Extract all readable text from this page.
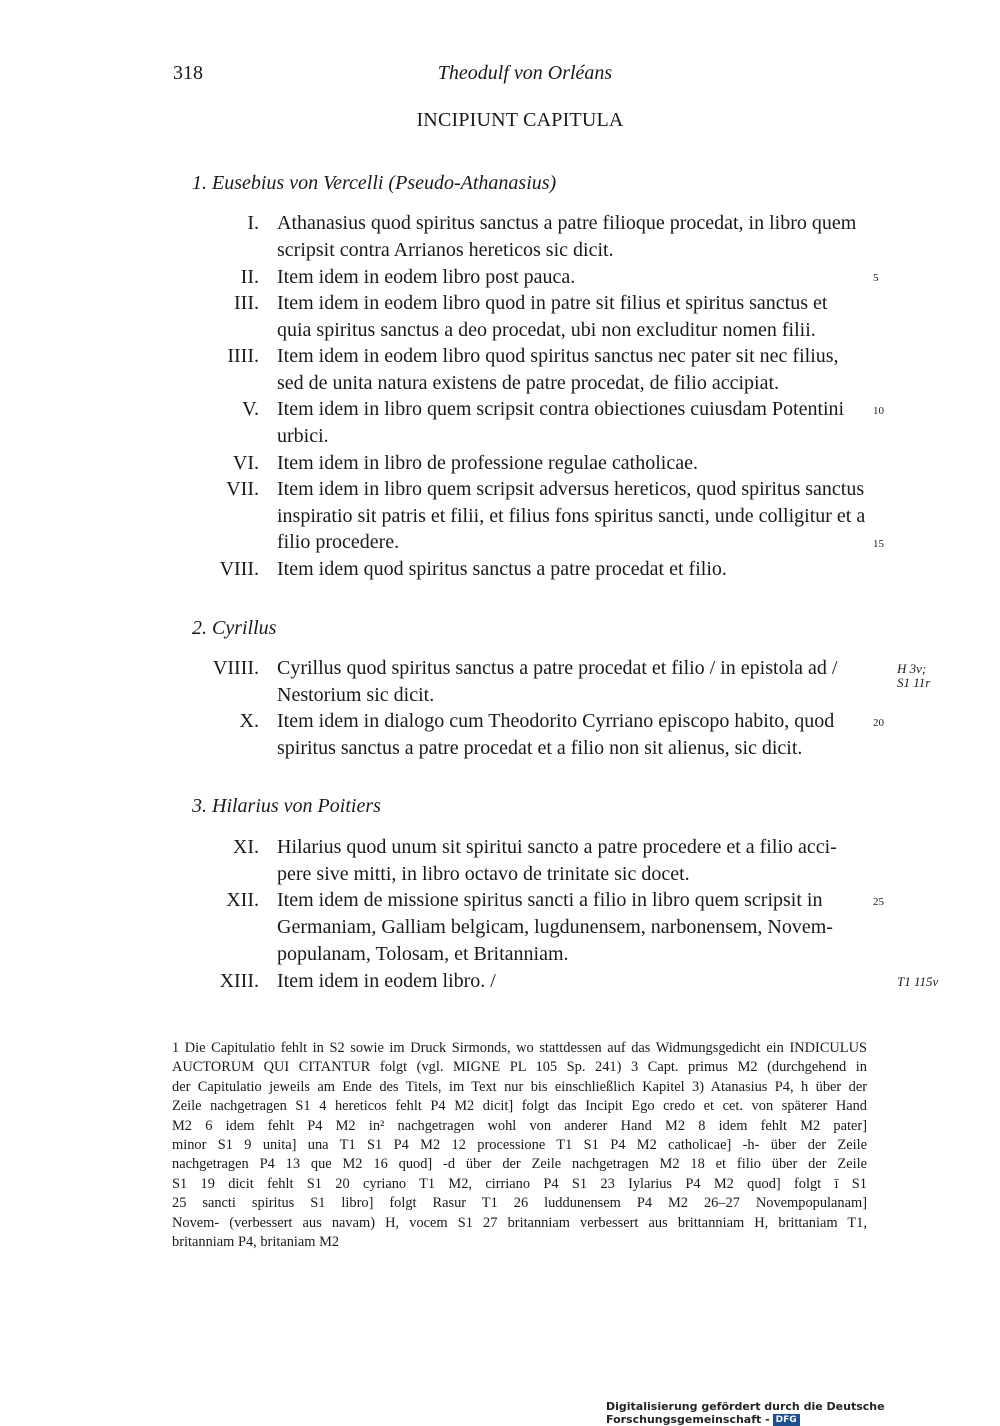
318	Theodulf von Orléans
INCIPIUNT CAPITULA
1. Eusebius von Vercelli (Pseudo-Athanasius)
I. Athanasius quod spiritus sanctus a patre filioque procedat, in libro quem
scripsit contra Arrianos hereticos sic dicit.
II. Item idem in eodem libro post pauca.
III. Item idem in eodem libro quod in patre sit filius et spiritus sanctus et
quia spiritus sanctus a deo procedat, ubi non excluditur nomen filii.
IIII. Item idem in eodem libro quod spiritus sanctus nec pater sit nec filius,
sed de unita natura existens de patre procedat, de filio accipiat.
V. Item idem in libro quem scripsit contra obiectiones cuiusdam Potentini
urbici.
VI. Item idem in libro de professione regulae catholicae.
VII. Item idem in libro quem scripsit adversus hereticos, quod spiritus sanctus
inspiratio sit patris et filii, et filius fons spiritus sancti, unde colligitur et a
filio procedere.
VIII. Item idem quod spiritus sanctus a patre procedat et filio.
2. Cyrillus
VIIII. Cyrillus quod spiritus sanctus a patre procedat et filio / in epistola ad /
Nestorium sic dicit.
X. Item idem in dialogo cum Theodorito Cyrriano episcopo habito, quod
spiritus sanctus a patre procedat et a filio non sit alienus, sic dicit.
3. Hilarius von Poitiers
XI. Hilarius quod unum sit spiritui sancto a patre procedere et a filio acci-
pere sive mitti, in libro octavo de trinitate sic docet.
XII. Item idem de missione spiritus sancti a filio in libro quem scripsit in
Germaniam, Galliam belgicam, lugdunensem, narbonensem, Novem-
populanam, Tolosam, et Britanniam.
XIII. Item idem in eodem libro. /
5
10
15
20
25
H 3v;
S1 11r
T1 115v
1 Die Capitulatio fehlt in S2 sowie im Druck Sirmonds, wo stattdessen auf das Widmungsgedicht ein INDICULUS
AUCTORUM QUI CITANTUR folgt (vgl. MIGNE PL 105 Sp. 241) 3 Capt. primus M2 (durchgehend in
der Capitulatio jeweils am Ende des Titels, im Text nur bis einschließlich Kapitel 3) Atanasius P4, h über der
Zeile nachgetragen S1 4 hereticos fehlt P4 M2 dicit] folgt das Incipit Ego credo et cet. von späterer Hand
M2 6 idem fehlt P4 M2 in² nachgetragen wohl von anderer Hand M2 8 idem fehlt M2 pater]
minor S1 9 unita] una T1 S1 P4 M2 12 processione T1 S1 P4 M2 catholicae] -h- über der Zeile
nachgetragen P4 13 que M2 16 quod] -d über der Zeile nachgetragen M2 18 et filio über der Zeile
S1 19 dicit fehlt S1 20 cyriano T1 M2, cirriano P4 S1 23 Iylarius P4 M2 quod] folgt ī S1
25 sancti spiritus S1 libro] folgt Rasur T1 26 luddunensem P4 M2 26–27 Novempopulanam]
Novem- (verbessert aus navam) H, vocem S1 27 britanniam verbessert aus brittanniam H, brittaniam T1,
britanniam P4, britaniam M2
Digitalisierung gefördert durch die Deutsche Forschungsgemeinschaft - DFG
